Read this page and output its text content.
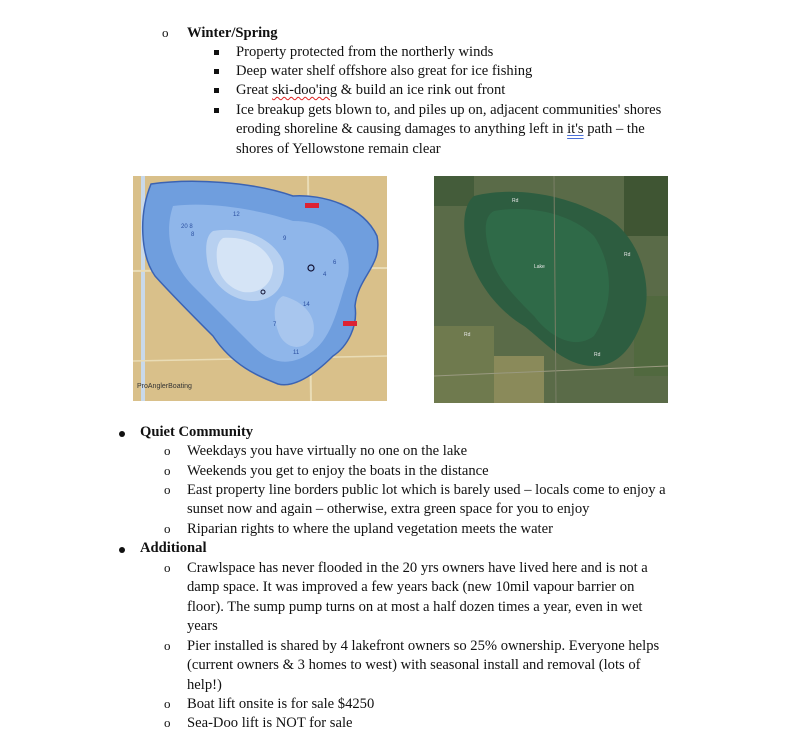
o Winter/Spring
Property protected from the northerly winds
Deep water shelf offshore also great for ice fishing
Great ski-doo'ing & build an ice rink out front
Ice breakup gets blown to, and piles up on, adjacent communities' shores
eroding shoreline & causing damages to anything left in it's path – the
shores of Yellowstone remain clear
20 8
8
11
6
4
12
9
14
7
ProAnglerBoating
Rd
Lake
Rd
Rd
Rd
Quiet Community
o Weekdays you have virtually no one on the lake
o Weekends you get to enjoy the boats in the distance
o East property line borders public lot which is barely used – locals come to enjoy a
sunset now and again – otherwise, extra green space for you to enjoy
o Riparian rights to where the upland vegetation meets the water
Additional
o Crawlspace has never flooded in the 20 yrs owners have lived here and is not a
damp space. It was improved a few years back (new 10mil vapour barrier on
floor). The sump pump turns on at most a half dozen times a year, even in wet
years
o Pier installed is shared by 4 lakefront owners so 25% ownership. Everyone helps
(current owners & 3 homes to west) with seasonal install and removal (lots of
help!)
o Boat lift onsite is for sale $4250
o Sea-Doo lift is NOT for sale
